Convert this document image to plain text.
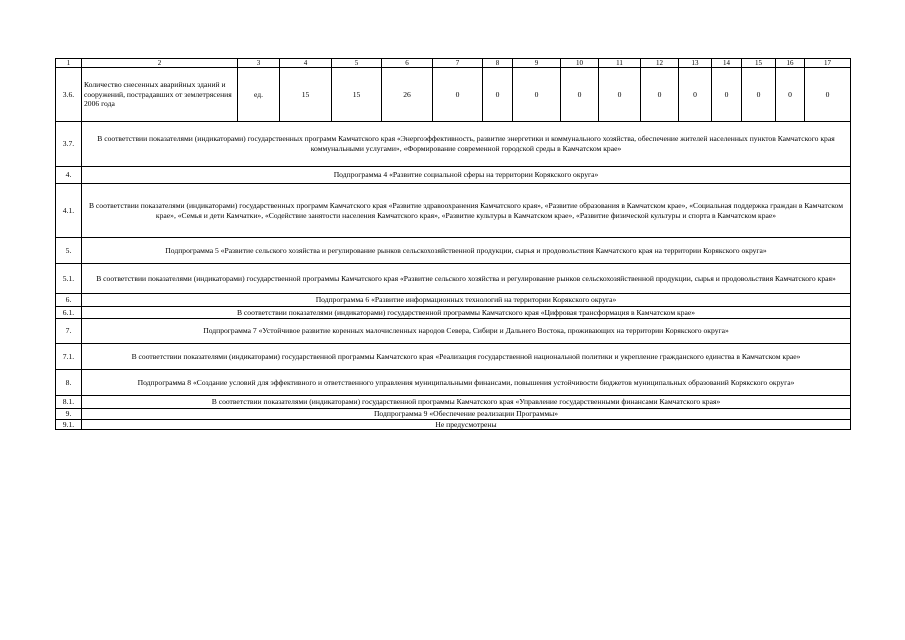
1	2	3	4	5	6	7	8	9	10	11	12	13	14	15	16	17
3.6.	Количество снесенных аварийных зданий и сооружений, пострадавших от землетрясения 2006 года	ед.	15	15	26	0	0	0	0	0	0	0	0	0	0	0
3.7.	В соответствии показателями (индикаторами) государственных программ Камчатского края «Энергоэффективность, развитие энергетики и коммунального хозяйства, обеспечение жителей населенных пунктов Камчатского края коммунальными услугами», «Формирование современной городской среды в Камчатском крае»															
4.	Подпрограмма 4 «Развитие социальной сферы на территории Корякского округа»															
4.1.	В соответствии показателями (индикаторами) государственных программ Камчатского края «Развитие здравоохранения Камчатского края», «Развитие образования в Камчатском крае», «Социальная поддержка граждан в Камчатском крае», «Семья и дети Камчатки», «Содействие занятости населения Камчатского края», «Развитие культуры в Камчатском крае», «Развитие физической культуры и спорта в Камчатском крае»															
5.	Подпрограмма 5 «Развитие сельского хозяйства и регулирование рынков сельскохозяйственной продукции, сырья и продовольствия Камчатского края на территории Корякского округа»															
5.1.	В соответствии показателями (индикаторами) государственной программы Камчатского края «Развитие сельского хозяйства и регулирование рынков сельскохозяйственной продукции, сырья и продовольствия Камчатского края»															
6.	Подпрограмма 6 «Развитие информационных технологий на территории Корякского округа»															
6.1.	В соответствии показателями (индикаторами) государственной программы Камчатского края «Цифровая трансформация в Камчатском крае»															
7.	Подпрограмма 7 «Устойчивое развитие коренных малочисленных народов Севера, Сибири и Дальнего Востока, проживающих на территории Корякского округа»															
7.1.	В соответствии показателями (индикаторами) государственной программы Камчатского края «Реализация государственной национальной политики и укрепление гражданского единства в Камчатском крае»															
8.	Подпрограмма 8 «Создание условий для эффективного и ответственного управления муниципальными финансами, повышения устойчивости бюджетов муниципальных образований Корякского округа»															
8.1.	В соответствии показателями (индикаторами) государственной программы Камчатского края «Управление государственными финансами Камчатского края»															
9.	Подпрограмма 9 «Обеспечение реализации Программы»															
9.1.	Не предусмотрены															
